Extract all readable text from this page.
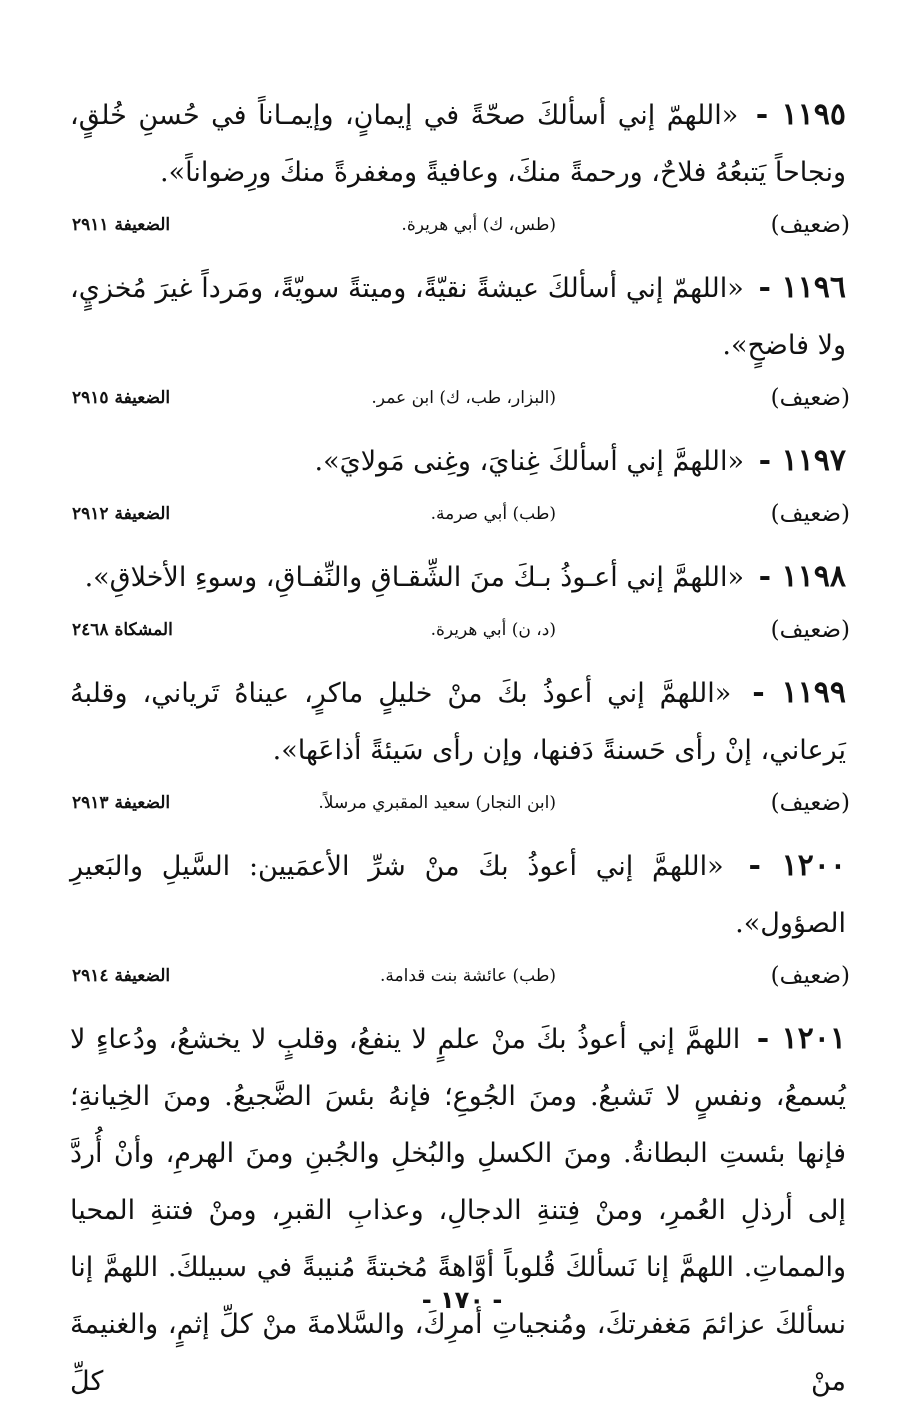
١١٩٥ - «اللهمّ إني أسألكَ صحّةً في إيمانٍ، وإيمـاناً في حُسنِ خُلقٍ، ونجاحاً يَتبعُهُ فلاحٌ، ورحمةً منكَ، وعافيةً ومغفرةً منكَ ورِضواناً».

(ضعيف)
(طس، ك) أبي هريرة.
الضعيفة ٢٩١١

١١٩٦ - «اللهمّ إني أسألكَ عيشةً نقيّةً، وميتةً سويّةً، ومَرداً غيرَ مُخزيٍ، ولا فاضحٍ».

(ضعيف)
(البزار، طب، ك) ابن عمر.
الضعيفة ٢٩١٥

١١٩٧ - «اللهمَّ إني أسألكَ غِنايَ، وغِنى مَولايَ».

(ضعيف)
(طب) أبي صرمة.
الضعيفة ٢٩١٢

١١٩٨ - «اللهمَّ إني أعـوذُ بـكَ منَ الشِّقـاقِ والنِّفـاقِ، وسوءِ الأخلاقِ».

(ضعيف)
(د، ن) أبي هريرة.
المشكاة ٢٤٦٨

١١٩٩ - «اللهمَّ إني أعوذُ بكَ منْ خليلٍ ماكرٍ، عيناهُ تَرياني، وقلبهُ يَرعاني، إنْ رأى حَسنةً دَفنها، وإن رأى سَيئةً أذاعَها».

(ضعيف)
(ابن النجار) سعيد المقبري مرسلاً.
الضعيفة ٢٩١٣

١٢٠٠ - «اللهمَّ إني أعوذُ بكَ منْ شرِّ الأعمَيين: السَّيلِ والبَعيرِ الصؤول».

(ضعيف)
(طب) عائشة بنت قدامة.
الضعيفة ٢٩١٤

١٢٠١ - اللهمَّ إني أعوذُ بكَ منْ علمٍ لا ينفعُ، وقلبٍ لا يخشعُ، ودُعاءٍ لا يُسمعُ، ونفسٍ لا تَشبعُ. ومنَ الجُوعِ؛ فإنهُ بئسَ الضَّجيعُ. ومنَ الخِيانةِ؛ فإنها بئستِ البطانةُ. ومنَ الكسلِ والبُخلِ والجُبنِ ومنَ الهرمِ، وأنْ أُردَّ إلى أرذلِ العُمرِ، ومنْ فِتنةِ الدجالِ، وعذابِ القبرِ، ومنْ فتنةِ المحيا والمماتِ. اللهمَّ إنا نَسألكَ قُلوباً أوَّاهةً مُخبتةً مُنيبةً في سبيلكَ. اللهمَّ إنا نسألكَ عزائمَ مَغفرتكَ، ومُنجياتِ أمرِكَ، والسَّلامةَ منْ كلِّ إثمٍ، والغنيمةَ منْ كلِّ

- ١٧٠ -
